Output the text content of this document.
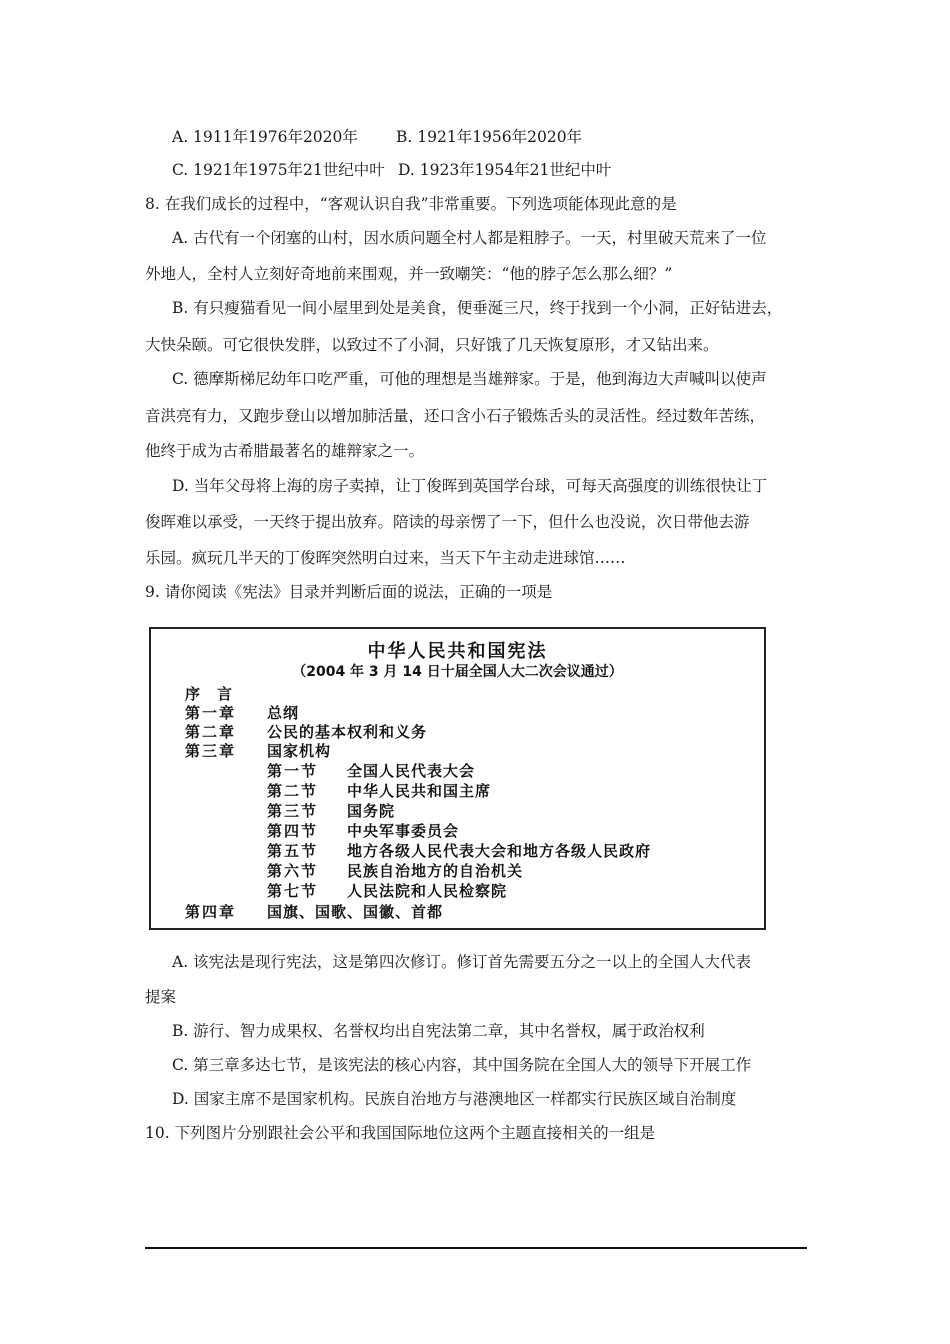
A. 1911年1976年2020年 B. 1921年1956年2020年
C. 1921年1975年21世纪中叶 D. 1923年1954年21世纪中叶
8. 在我们成长的过程中，“客观认识自我”非常重要。下列选项能体现此意的是
A. 古代有一个闭塞的山村，因水质问题全村人都是粗脖子。一天，村里破天荒来了一位
外地人，全村人立刻好奇地前来围观，并一致嘲笑：“他的脖子怎么那么细？”
B. 有只瘦猫看见一间小屋里到处是美食，便垂涎三尺，终于找到一个小洞，正好钻进去，
大快朵颐。可它很快发胖，以致过不了小洞，只好饿了几天恢复原形，才又钻出来。
C. 德摩斯梯尼幼年口吃严重，可他的理想是当雄辩家。于是，他到海边大声喊叫以使声
音洪亮有力，又跑步登山以增加肺活量，还口含小石子锻炼舌头的灵活性。经过数年苦练，
他终于成为古希腊最著名的雄辩家之一。
D. 当年父母将上海的房子卖掉，让丁俊晖到英国学台球，可每天高强度的训练很快让丁
俊晖难以承受，一天终于提出放弃。陪读的母亲愣了一下，但什么也没说，次日带他去游
乐园。疯玩几半天的丁俊晖突然明白过来，当天下午主动走进球馆……
9. 请你阅读《宪法》目录并判断后面的说法，正确的一项是
中华人民共和国宪法
（2004 年 3 月 14 日十届全国人大二次会议通过）
序　言
第一章 总纲
第二章 公民的基本权利和义务
第三章 国家机构
第一节 全国人民代表大会
第二节 中华人民共和国主席
第三节 国务院
第四节 中央军事委员会
第五节 地方各级人民代表大会和地方各级人民政府
第六节 民族自治地方的自治机关
第七节 人民法院和人民检察院
第四章 国旗、国歌、国徽、首都
A. 该宪法是现行宪法，这是第四次修订。修订首先需要五分之一以上的全国人大代表
提案
B. 游行、智力成果权、名誉权均出自宪法第二章，其中名誉权，属于政治权利
C. 第三章多达七节，是该宪法的核心内容，其中国务院在全国人大的领导下开展工作
D. 国家主席不是国家机构。民族自治地方与港澳地区一样都实行民族区域自治制度
10. 下列图片分别跟社会公平和我国国际地位这两个主题直接相关的一组是
